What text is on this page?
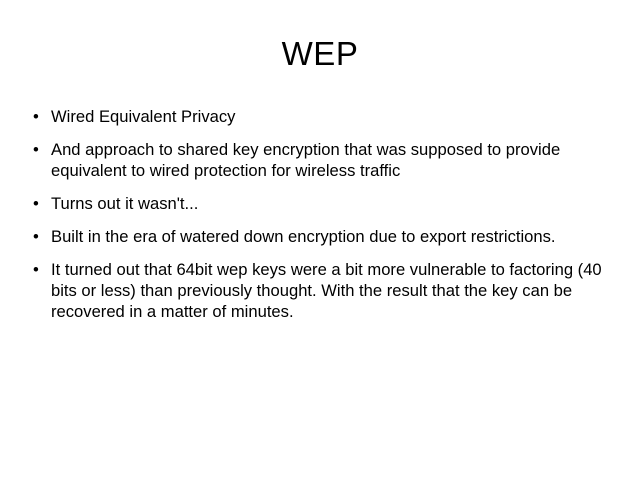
WEP
• Wired Equivalent Privacy
• And approach to shared key encryption that was supposed to provide equivalent to wired protection for wireless traffic
• Turns out it wasn't...
• Built in the era of watered down encryption due to export restrictions.
• It turned out that 64bit wep keys were a bit more vulnerable to factoring (40 bits or less) than previously thought. With the result that the key can be recovered in a matter of minutes.
